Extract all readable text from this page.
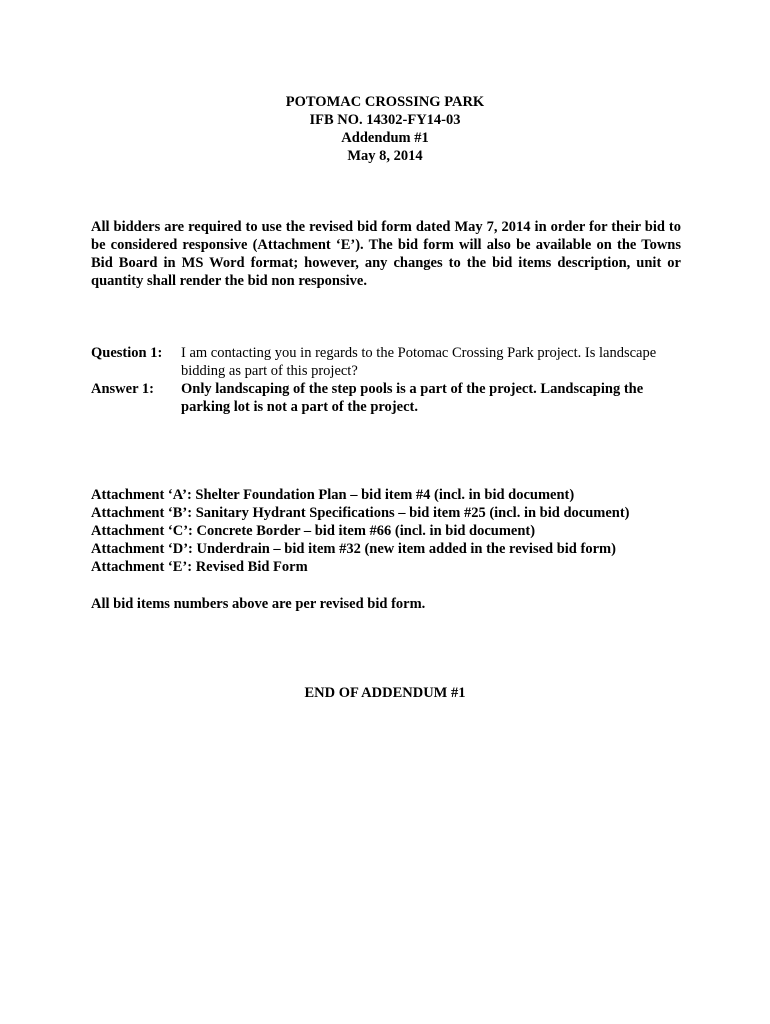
POTOMAC CROSSING PARK
IFB NO. 14302-FY14-03
Addendum #1
May 8, 2014
All bidders are required to use the revised bid form dated May 7, 2014 in order for their bid to be considered responsive (Attachment ‘E’). The bid form will also be available on the Towns Bid Board in MS Word format; however, any changes to the bid items description, unit or quantity shall render the bid non responsive.
Question 1:	I am contacting you in regards to the Potomac Crossing Park project. Is landscape bidding as part of this project?
Answer 1:	Only landscaping of the step pools is a part of the project. Landscaping the parking lot is not a part of the project.
Attachment ‘A’: Shelter Foundation Plan – bid item #4 (incl. in bid document)
Attachment ‘B’: Sanitary Hydrant Specifications – bid item #25 (incl. in bid document)
Attachment ‘C’: Concrete Border – bid item #66 (incl. in bid document)
Attachment ‘D’: Underdrain – bid item #32 (new item added in the revised bid form)
Attachment ‘E’: Revised Bid Form
All bid items numbers above are per revised bid form.
END OF ADDENDUM #1
